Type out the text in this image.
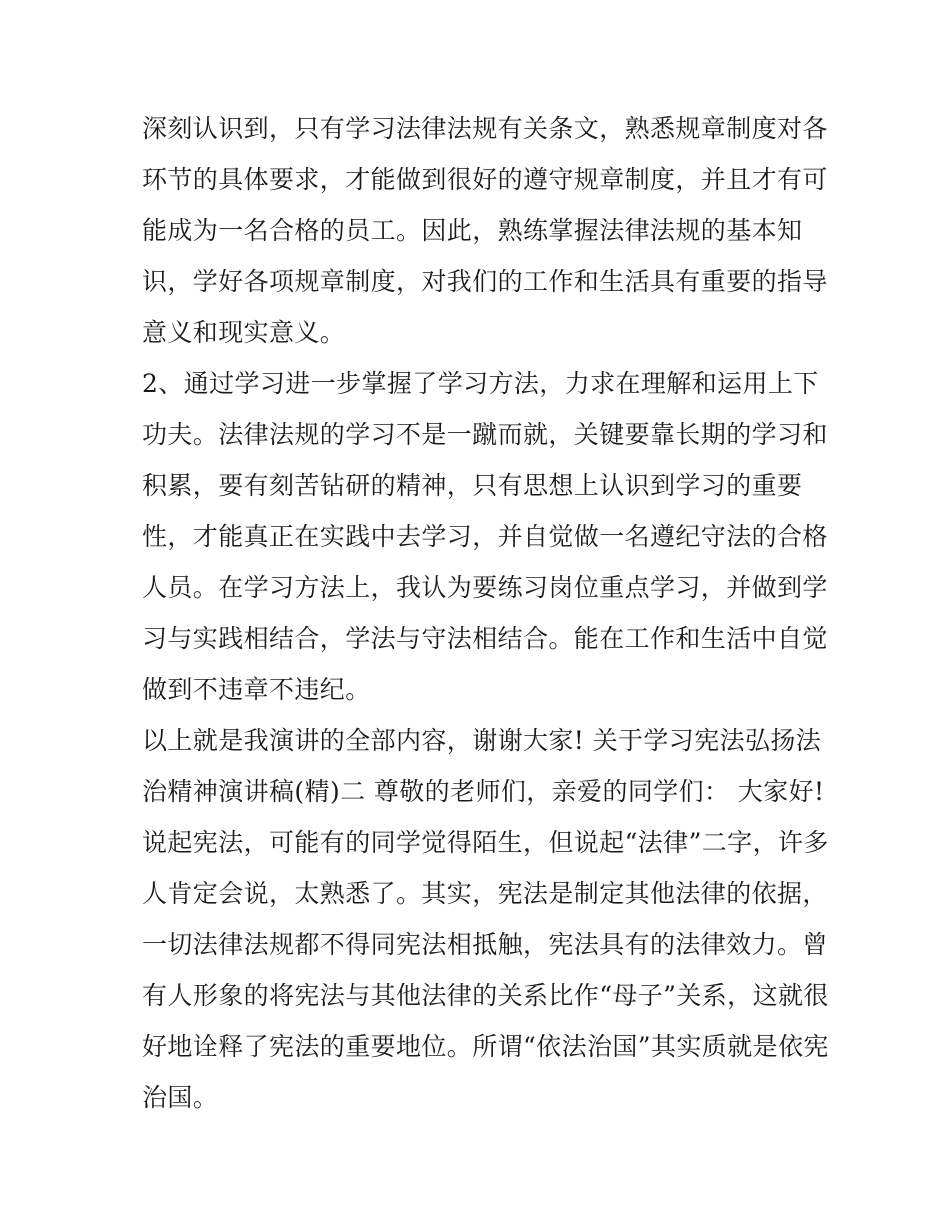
深刻认识到，只有学习法律法规有关条文，熟悉规章制度对各
环节的具体要求，才能做到很好的遵守规章制度，并且才有可
能成为一名合格的员工。因此，熟练掌握法律法规的基本知
识，学好各项规章制度，对我们的工作和生活具有重要的指导
意义和现实意义。
2、通过学习进一步掌握了学习方法，力求在理解和运用上下
功夫。法律法规的学习不是一蹴而就，关键要靠长期的学习和
积累，要有刻苦钻研的精神，只有思想上认识到学习的重要
性，才能真正在实践中去学习，并自觉做一名遵纪守法的合格
人员。在学习方法上，我认为要练习岗位重点学习，并做到学
习与实践相结合，学法与守法相结合。能在工作和生活中自觉
做到不违章不违纪。
以上就是我演讲的全部内容，谢谢大家! 关于学习宪法弘扬法
治精神演讲稿(精)二 尊敬的老师们，亲爱的同学们： 大家好!
说起宪法，可能有的同学觉得陌生，但说起“法律”二字，许多
人肯定会说，太熟悉了。其实，宪法是制定其他法律的依据，
一切法律法规都不得同宪法相抵触，宪法具有的法律效力。曾
有人形象的将宪法与其他法律的关系比作“母子”关系，这就很
好地诠释了宪法的重要地位。所谓“依法治国”其实质就是依宪
治国。
